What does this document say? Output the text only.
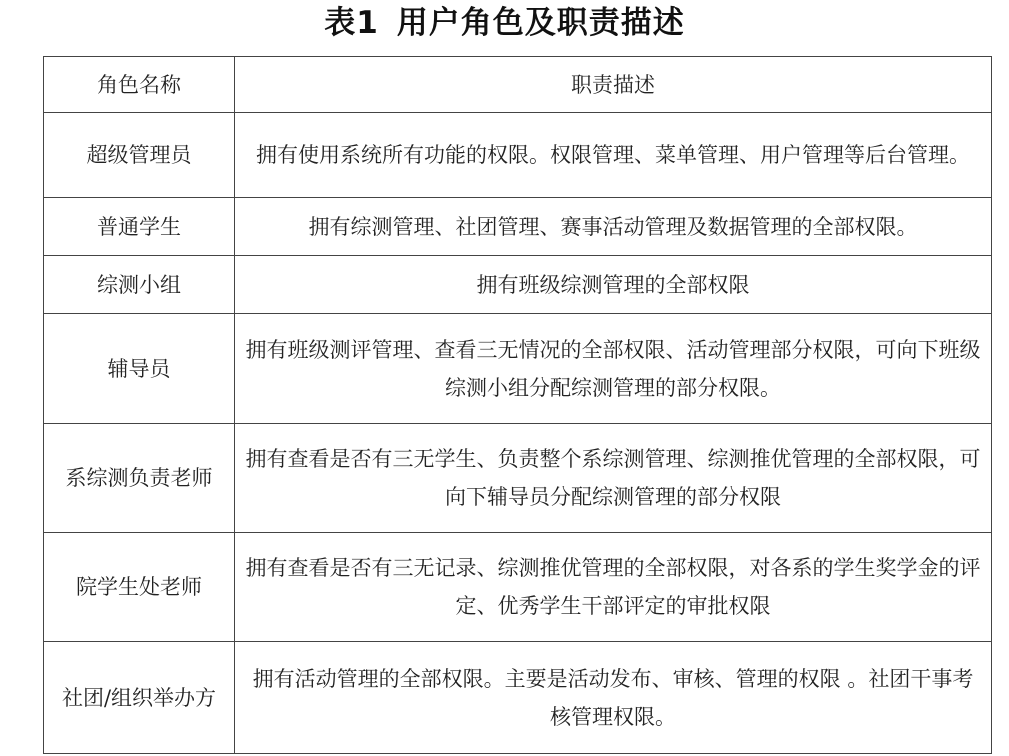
表1 用户角色及职责描述
角色名称	职责描述
超级管理员	拥有使用系统所有功能的权限。权限管理、菜单管理、用户管理等后台管理。
普通学生	拥有综测管理、社团管理、赛事活动管理及数据管理的全部权限。
综测小组	拥有班级综测管理的全部权限
辅导员	拥有班级测评管理、查看三无情况的全部权限、活动管理部分权限，可向下班级综测小组分配综测管理的部分权限。
系综测负责老师	拥有查看是否有三无学生、负责整个系综测管理、综测推优管理的全部权限，可向下辅导员分配综测管理的部分权限
院学生处老师	拥有查看是否有三无记录、综测推优管理的全部权限，对各系的学生奖学金的评定、优秀学生干部评定的审批权限
社团/组织举办方	拥有活动管理的全部权限。主要是活动发布、审核、管理的权限 。社团干事考核管理权限。
